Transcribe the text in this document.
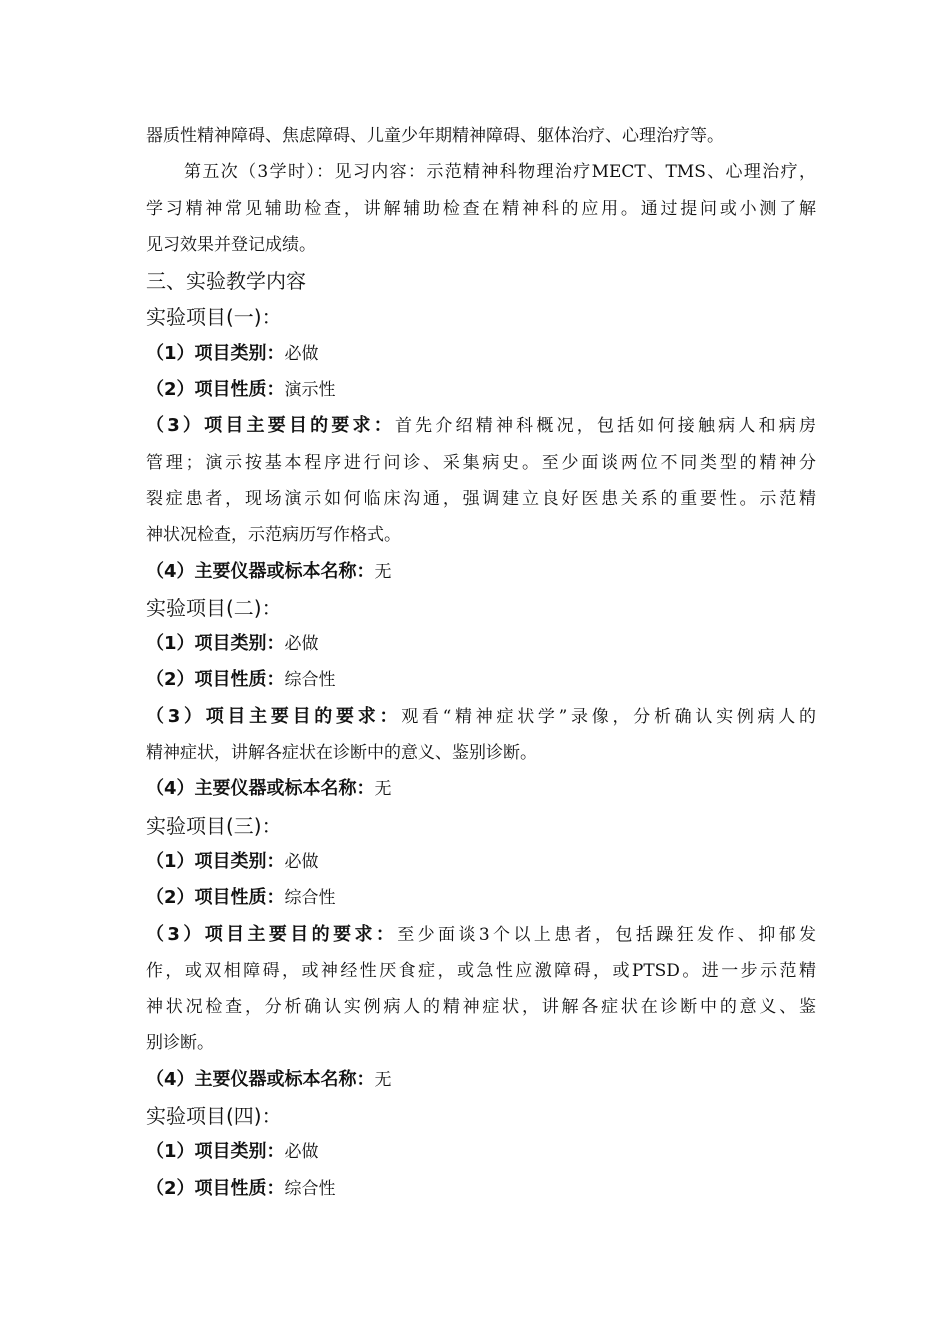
器质性精神障碍、焦虑障碍、儿童少年期精神障碍、躯体治疗、心理治疗等。
第五次（3学时）：见习内容：示范精神科物理治疗MECT、TMS、心理治疗，
学习精神常见辅助检查，讲解辅助检查在精神科的应用。通过提问或小测了解
见习效果并登记成绩。
三、实验教学内容
实验项目(一)：
（1）项目类别：必做
（2）项目性质：演示性
（3）项目主要目的要求：首先介绍精神科概况，包括如何接触病人和病房
管理；演示按基本程序进行问诊、采集病史。至少面谈两位不同类型的精神分
裂症患者，现场演示如何临床沟通，强调建立良好医患关系的重要性。示范精
神状况检查，示范病历写作格式。
（4）主要仪器或标本名称：无
实验项目(二)：
（1）项目类别：必做
（2）项目性质：综合性
（3）项目主要目的要求：观看“精神症状学”录像，分析确认实例病人的
精神症状，讲解各症状在诊断中的意义、鉴别诊断。
（4）主要仪器或标本名称：无
实验项目(三)：
（1）项目类别：必做
（2）项目性质：综合性
（3）项目主要目的要求：至少面谈3个以上患者，包括躁狂发作、抑郁发
作，或双相障碍，或神经性厌食症，或急性应激障碍，或PTSD。进一步示范精
神状况检查，分析确认实例病人的精神症状，讲解各症状在诊断中的意义、鉴
别诊断。
（4）主要仪器或标本名称：无
实验项目(四)：
（1）项目类别：必做
（2）项目性质：综合性
